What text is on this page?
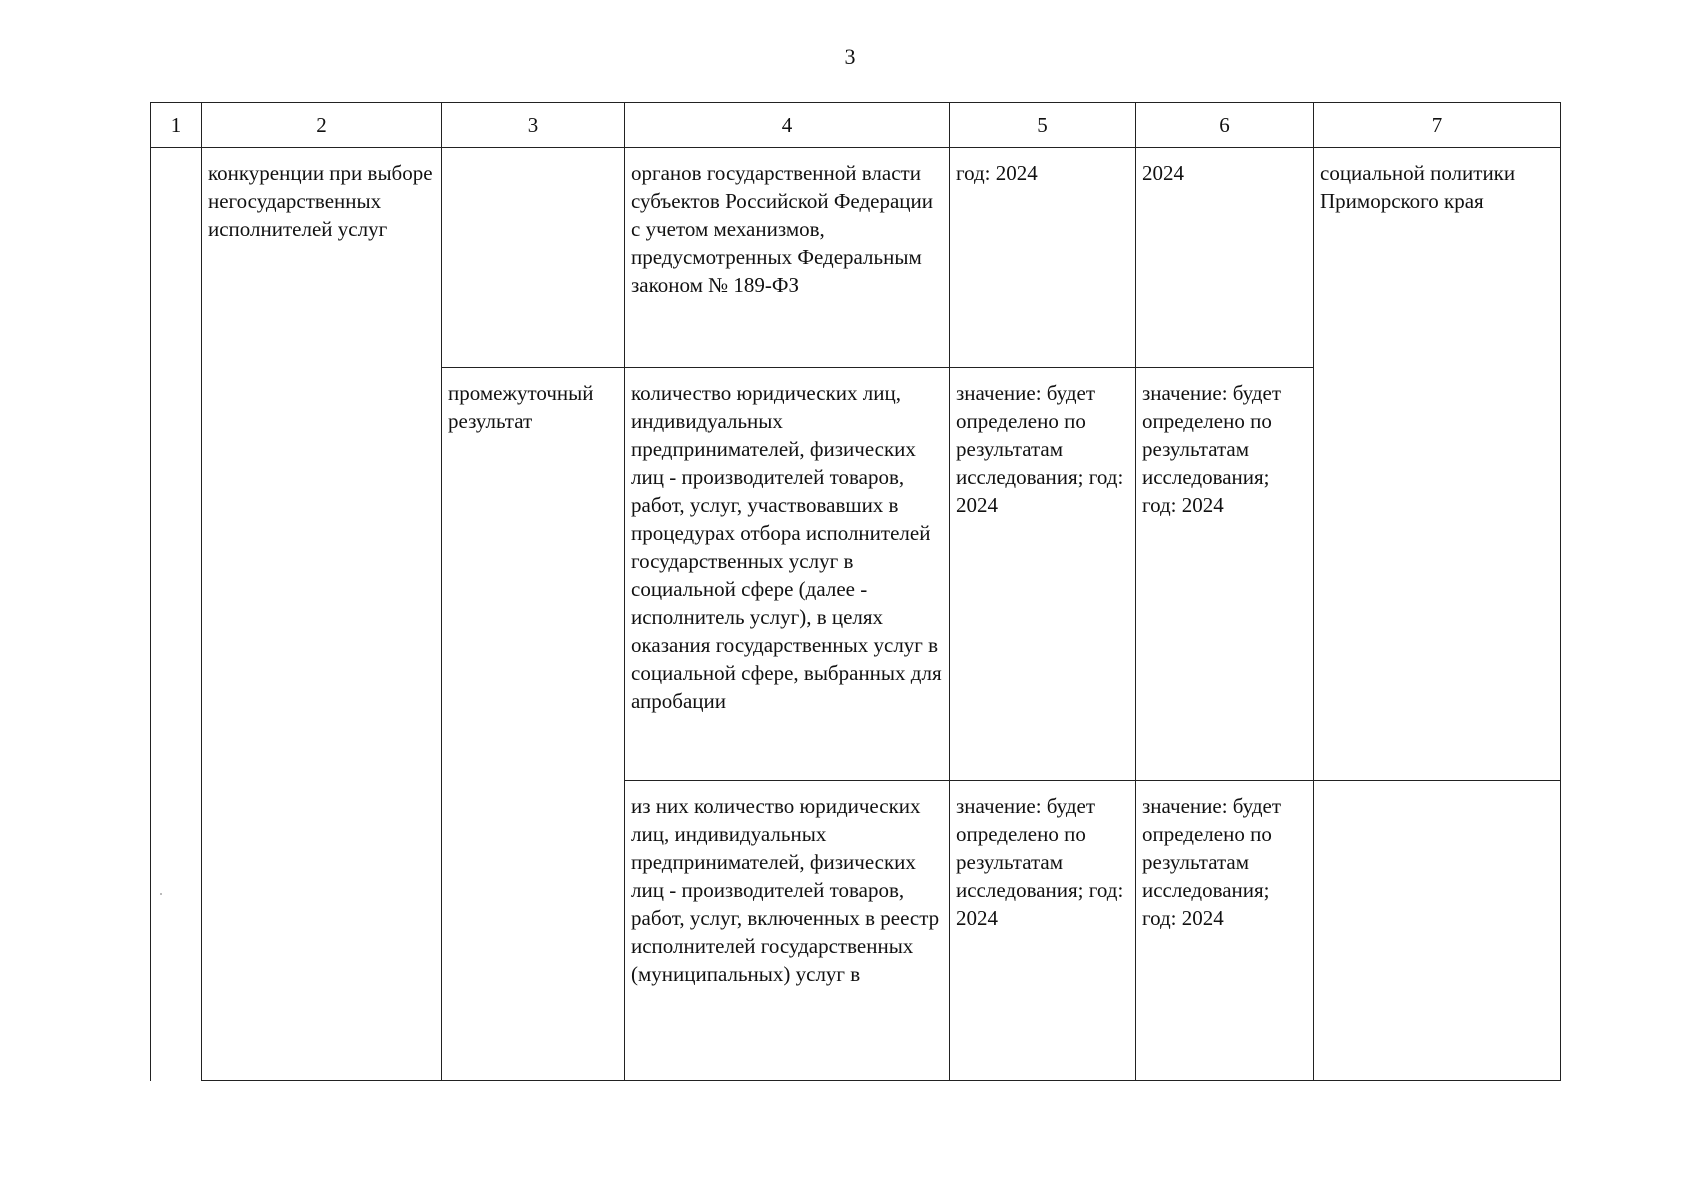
3
1	2	3	4	5	6	7
	конкуренции при выборе негосударственных исполнителей услуг		органов государственной власти субъектов Российской Федерации с учетом механизмов, предусмотренных Федеральным законом № 189-ФЗ	год: 2024	2024	социальной политики Приморского края
		промежуточный результат	количество юридических лиц, индивидуальных предпринимателей, физических лиц - производителей товаров, работ, услуг, участвовавших в процедурах отбора исполнителей государственных услуг в социальной сфере (далее - исполнитель услуг), в целях оказания государственных услуг в социальной сфере, выбранных для апробации	значение: будет определено по результатам исследования; год: 2024	значение: будет определено по результатам исследования; год: 2024	
			из них количество юридических лиц, индивидуальных предпринимателей, физических лиц - производителей товаров, работ, услуг, включенных в реестр исполнителей государственных (муниципальных) услуг в	значение: будет определено по результатам исследования; год: 2024	значение: будет определено по результатам исследования; год: 2024	
